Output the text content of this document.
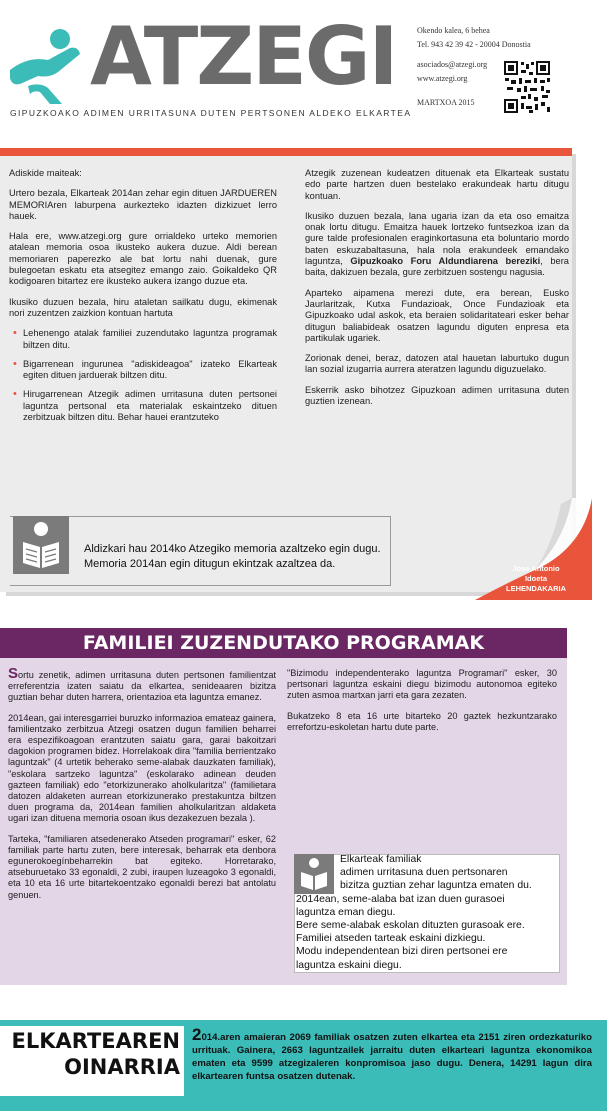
ATZEGI
GIPUZKOAKO ADIMEN URRITASUNA DUTEN PERTSONEN ALDEKO ELKARTEA
Okendo kalea, 6 behea
Tel. 943 42 39 42 - 20004 Donostia
asociados@atzegi.org
www.atzegi.org
MARTXOA 2015

Adiskide maiteak:

Urtero bezala, Elkarteak 2014an zehar egin dituen JARDUEREN MEMORIAren laburpena aurkezteko idazten dizkizuet lerro hauek.

Hala ere, www.atzegi.org gure orrialdeko urteko memorien atalean memoria osoa ikusteko aukera duzue. Aldi berean memoriaren paperezko ale bat lortu nahi duenak, gure bulegoetan eskatu eta atsegitez emango zaio. Goikaldeko QR kodigoaren bitartez ere ikusteko aukera izango duzue eta.

Ikusiko duzuen bezala, hiru ataletan sailkatu dugu, ekimenak nori zuzentzen zaizkion kontuan hartuta

• Lehenengo atalak familiei zuzendutako laguntza programak biltzen ditu.
• Bigarrenean ingurunea "adiskideagoa" izateko Elkarteak egiten dituen jarduerak biltzen ditu.
• Hirugarrenean Atzegik adimen urritasuna duten pertsonei laguntza pertsonal eta materialak eskaintzeko dituen zerbitzuak biltzen ditu. Behar hauei erantzuteko

Atzegik zuzenean kudeatzen dituenak eta Elkarteak sustatu edo parte hartzen duen bestelako erakundeak hartu ditugu kontuan.

Ikusiko duzuen bezala, lana ugaria izan da eta oso emaitza onak lortu ditugu. Emaitza hauek lortzeko funtsezkoa izan da gure talde profesionalen eraginkortasuna eta boluntario mordo baten eskuzabaltasuna, hala nola erakundeek emandako laguntza, Gipuzkoako Foru Aldundiarena bereziki, bera baita, dakizuen bezala, gure zerbitzuen sostengu nagusia.

Aparteko aipamena merezi dute, era berean, Eusko Jaurlaritzak, Kutxa Fundazioak, Once Fundazioak eta Gipuzkoako udal askok, eta beraien solidaritateari esker behar ditugun baliabideak osatzen lagundu diguten enpresa eta partikulak ugariek.

Zorionak denei, beraz, datozen atal hauetan laburtuko dugun lan sozial izugarria aurrera ateratzen lagundu diguzuelako.

Eskerrik asko bihotzez Gipuzkoan adimen urritasuna duten guztien izenean.

Aldizkari hau 2014ko Atzegiko memoria azaltzeko egin dugu.
Memoria 2014an egin ditugun ekintzak azaltzea da.	Jose Antonio
Idoeta
LEHENDAKARIA
FAMILIEI ZUZENDUTAKO PROGRAMAK

Sortu zenetik, adimen urritasuna duten pertsonen familientzat erreferentzia izaten saiatu da elkartea, senideaaren bizitza guztian behar duten harrera, orientazioa eta laguntza emanez.

2014ean, gai interesgarriei buruzko informazioa emateaz gainera, familientzako zerbitzua Atzegi osatzen dugun familien beharrei era espezifikoagoan erantzuten saiatu gara, garai bakoitzari dagokion programen bidez. Horrelakoak dira "familia berrientzako laguntzak" (4 urtetik beherako seme-alabak dauzkaten familiak), "eskolara sartzeko laguntza" (eskolarako adinean deuden gazteen familiak) edo "etorkizunerako aholkularitza" (familietara datozen aldaketen aurrean etorkizunerako prestakuntza biltzen duen programa da, 2014ean familien aholkularitzan aldaketa ugari izan dituena memoria osoan ikus dezakezuen bezala ).

Tarteka, "familiaren atsedenerako Atseden programari" esker, 62 familiak parte hartu zuten, bere interesak, beharrak eta denbora egunerokoegínbeharrekin bat egiteko. Horretarako, atseburuetako 33 egonaldi, 2 zubi, iraupen luzeagoko 3 egonaldi, eta 10 eta 16 urte bitartekoentzako egonaldi berezi bat antolatu genuen.

"Bizimodu independenterako laguntza Programari" esker, 30 pertsonari laguntza eskaini diegu bizimodu autonomoa egiteko zuten asmoa martxan jarri eta gara zezaten.

Bukatzeko 8 eta 16 urte bitarteko 20 gaztek hezkuntzarako errefortzu-eskoletan hartu dute parte.

Elkarteak familiak
adimen urritasuna duen pertsonaren
bizitza guztian zehar laguntza ematen du.
2014ean, seme-alaba bat izan duen gurasoei
laguntza eman diegu.
Bere seme-alabak eskolan dituzten gurasoak ere.
Familiei atseden tarteak eskaini dizkiegu.
Modu independentean bizi diren pertsonei ere
laguntza eskaini diegu.
ELKARTEAREN
OINARRIA
2014.aren amaieran 2069 familiak osatzen zuten elkartea eta 2151 ziren ordezkaturiko urrituak. Gainera, 2663 laguntzailek jarraitu duten elkarteari laguntza ekonomikoa ematen eta 9599 atzegizaleren konpromisoa jaso dugu. Denera, 14291 lagun dira elkartearen funtsa osatzen dutenak.
